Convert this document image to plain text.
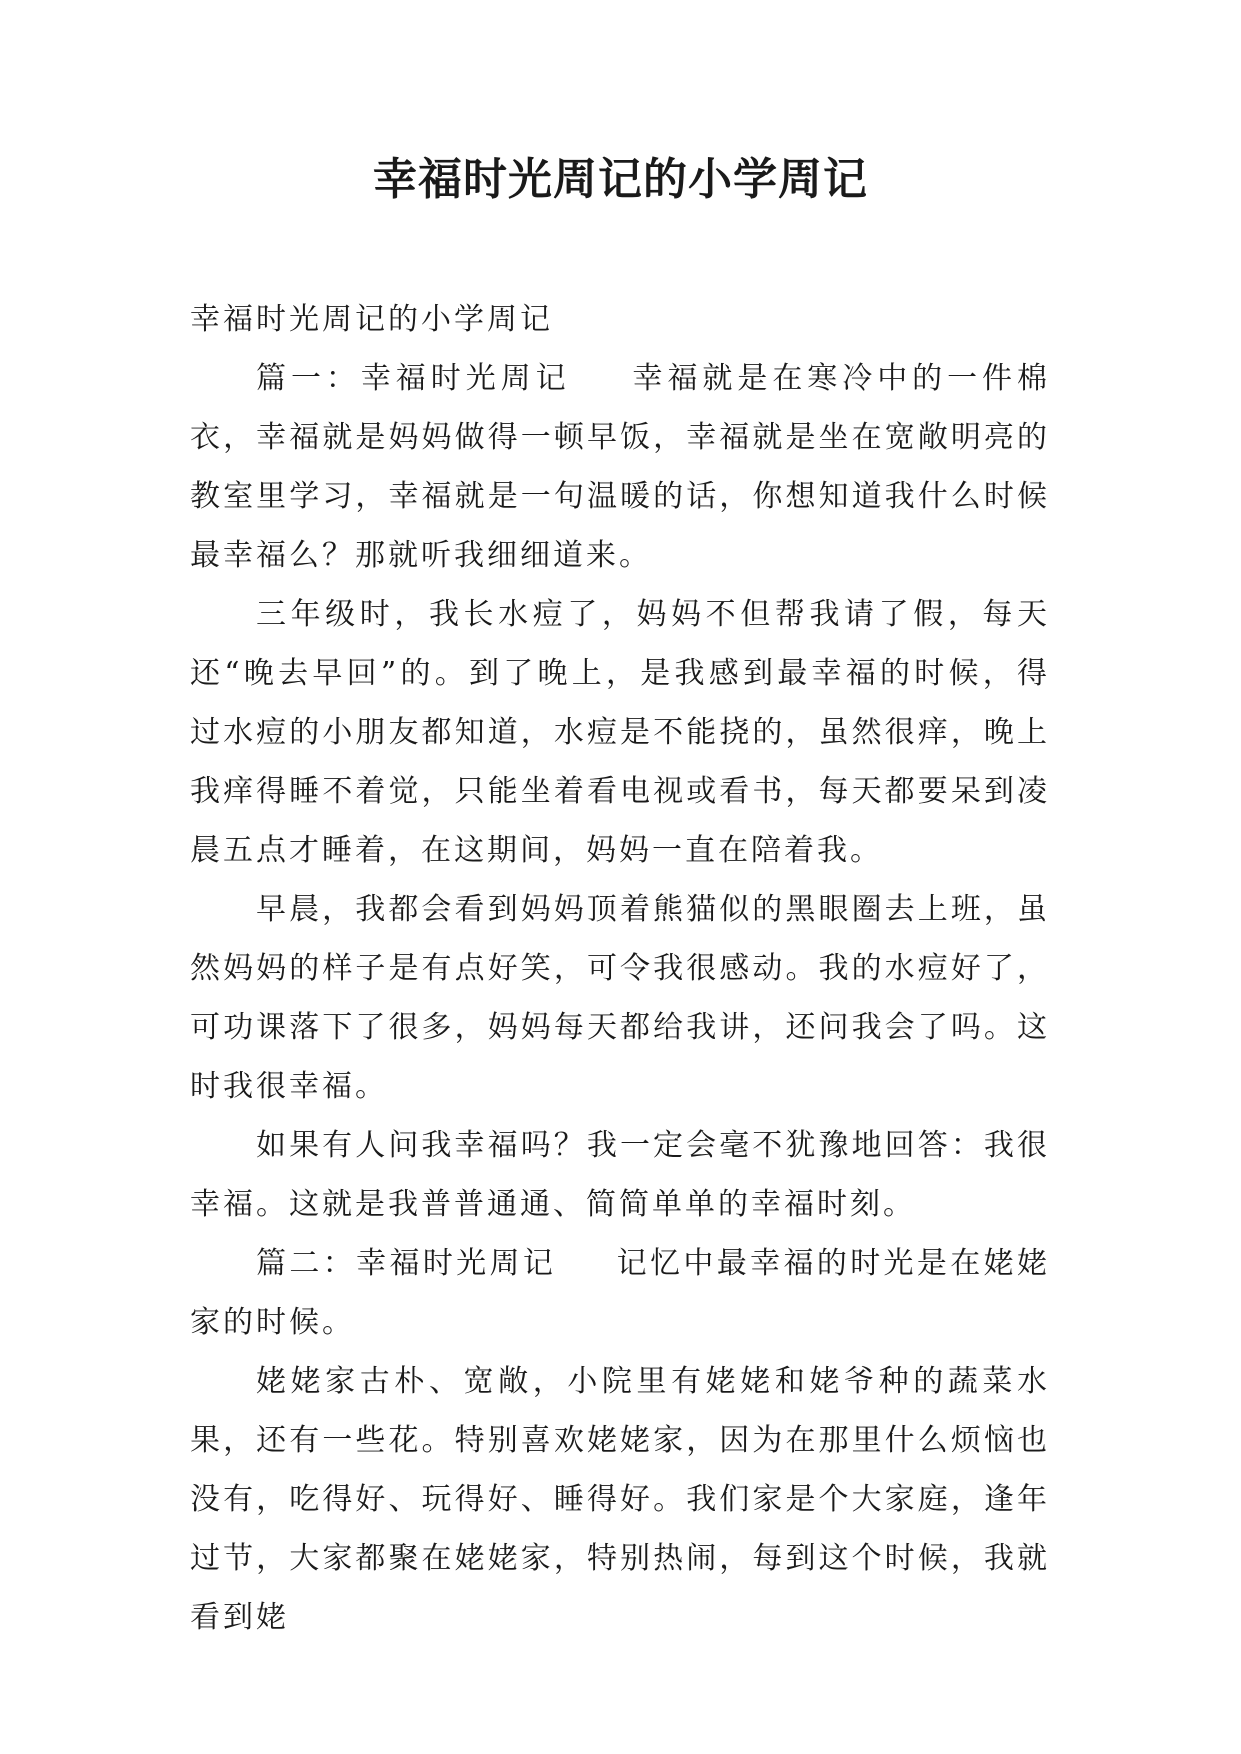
幸福时光周记的小学周记

幸福时光周记的小学周记

篇一：幸福时光周记 幸福就是在寒冷中的一件棉衣，幸福就是妈妈做得一顿早饭，幸福就是坐在宽敞明亮的教室里学习，幸福就是一句温暖的话，你想知道我什么时候最幸福么？那就听我细细道来。

三年级时，我长水痘了，妈妈不但帮我请了假，每天还“晚去早回”的。到了晚上，是我感到最幸福的时候，得过水痘的小朋友都知道，水痘是不能挠的，虽然很痒，晚上我痒得睡不着觉，只能坐着看电视或看书，每天都要呆到凌晨五点才睡着，在这期间，妈妈一直在陪着我。

早晨，我都会看到妈妈顶着熊猫似的黑眼圈去上班，虽然妈妈的样子是有点好笑，可令我很感动。我的水痘好了，可功课落下了很多，妈妈每天都给我讲，还问我会了吗。这时我很幸福。

如果有人问我幸福吗？我一定会毫不犹豫地回答：我很幸福。这就是我普普通通、简简单单的幸福时刻。

篇二：幸福时光周记 记忆中最幸福的时光是在姥姥家的时候。

姥姥家古朴、宽敞，小院里有姥姥和姥爷种的蔬菜水果，还有一些花。特别喜欢姥姥家，因为在那里什么烦恼也没有，吃得好、玩得好、睡得好。我们家是个大家庭，逢年过节，大家都聚在姥姥家，特别热闹，每到这个时候，我就看到姥
